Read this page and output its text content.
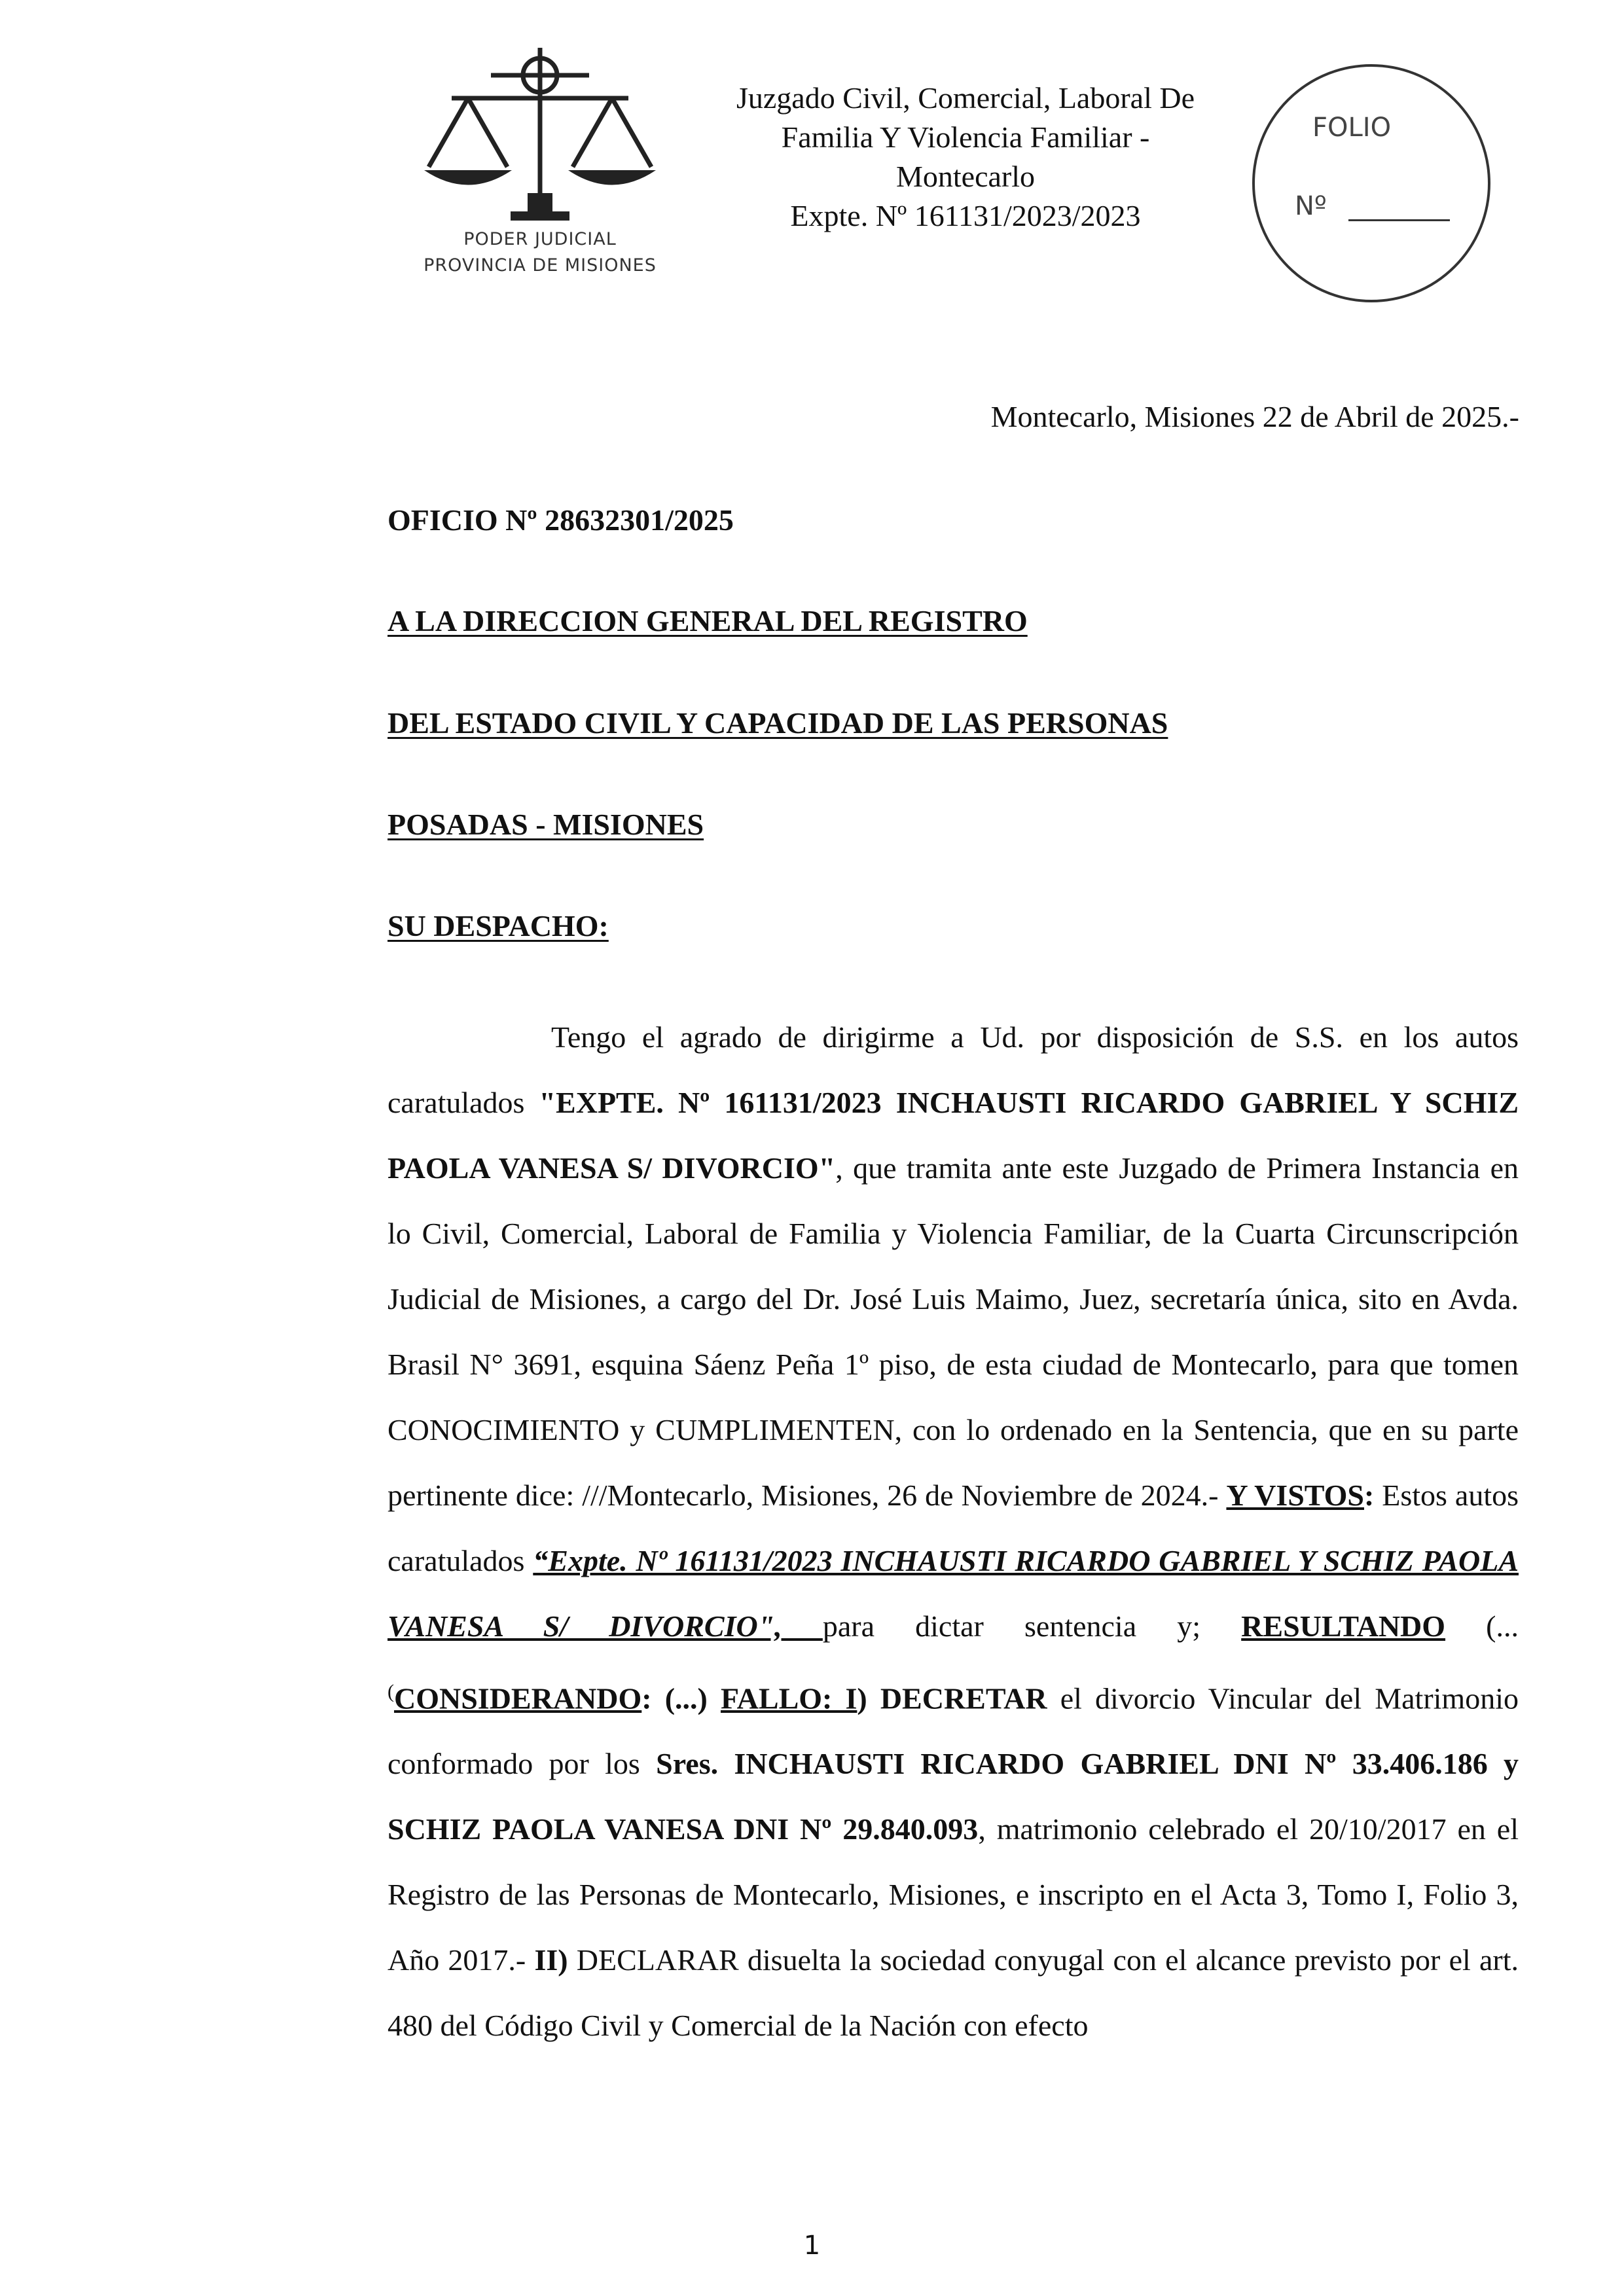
PODER JUDICIAL
PROVINCIA DE MISIONES
Juzgado Civil, Comercial, Laboral De
Familia Y Violencia Familiar -
Montecarlo
Expte. Nº 161131/2023/2023
FOLIO
Nº
Montecarlo, Misiones 22 de Abril de 2025.-
OFICIO Nº 28632301/2025
A LA DIRECCION GENERAL DEL REGISTRO
DEL ESTADO CIVIL Y CAPACIDAD DE LAS PERSONAS
POSADAS - MISIONES
SU DESPACHO:

Tengo el agrado de dirigirme a Ud. por disposición de S.S. en los autos caratulados "EXPTE. Nº 161131/2023 INCHAUSTI RICARDO GABRIEL Y SCHIZ PAOLA VANESA S/ DIVORCIO", que tramita ante este Juzgado de Primera Instancia en lo Civil, Comercial, Laboral de Familia y Violencia Familiar, de la Cuarta Circunscripción Judicial de Misiones, a cargo del Dr. José Luis Maimo, Juez, secretaría única, sito en Avda. Brasil N° 3691, esquina Sáenz Peña 1º piso, de esta ciudad de Montecarlo, para que tomen CONOCIMIENTO y CUMPLIMENTEN, con lo ordenado en la Sentencia, que en su parte pertinente dice: ///Montecarlo, Misiones, 26 de Noviembre de 2024.- Y VISTOS: Estos autos caratulados “Expte. Nº 161131/2023 INCHAUSTI RICARDO GABRIEL Y SCHIZ PAOLA VANESA S/ DIVORCIO", para dictar sentencia y; RESULTANDO (... (CONSIDERANDO: (...) FALLO: I) DECRETAR el divorcio Vincular del Matrimonio conformado por los Sres. INCHAUSTI RICARDO GABRIEL DNI Nº 33.406.186 y SCHIZ PAOLA VANESA DNI Nº 29.840.093, matrimonio celebrado el 20/10/2017 en el Registro de las Personas de Montecarlo, Misiones, e inscripto en el Acta 3, Tomo I, Folio 3, Año 2017.- II) DECLARAR disuelta la sociedad conyugal con el alcance previsto por el art. 480 del Código Civil y Comercial de la Nación con efecto

1
